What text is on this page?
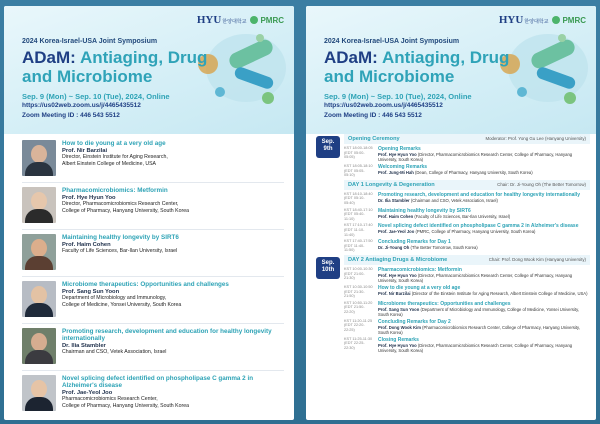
HYU한양대학교 PMRC
2024 Korea-Israel-USA Joint Symposium
ADaM: Antiaging, Drug
and Microbiome
Sep. 9 (Mon) ~ Sep. 10 (Tue), 2024, Online
https://us02web.zoom.us/j/4465435512
Zoom Meeting ID : 446 543 5512
How to die young at a very old age
Prof. Nir Barzilai
Director, Einstein Institute for Aging Research,
Albert Einstein College of Medicine, USA
Pharmacomicrobiomics: Metformin
Prof. Hye Hyun Yoo
Director, Pharmacomicrobiomics Research Center,
College of Pharmacy, Hanyang University, South Korea
Maintaining healthy longevity by SIRT6
Prof. Haim Cohen
Faculty of Life Sciences, Bar-Ilan University, Israel
Microbiome therapeutics: Opportunities and challenges
Prof. Sang Sun Yoon
Department of Microbiology and Immunology,
College of Medicine, Yonsei University, South Korea
Promoting research, development and education for healthy longevity internationally
Dr. Ilia Stambler
Chairman and CSO, Vetek Association, Israel
Novel splicing defect identified on phospholipase C gamma 2 in Alzheimer's disease
Prof. Jae-Yeol Joo
Pharmacomicrobiomics Research Center,
College of Pharmacy, Hanyang University, South Korea
HYU한양대학교 PMRC
2024 Korea-Israel-USA Joint Symposium
ADaM: Antiaging, Drug
and Microbiome
Sep. 9 (Mon) ~ Sep. 10 (Tue), 2024, Online
https://us02web.zoom.us/j/4465435512
Zoom Meeting ID : 446 543 5512
Sep.
9th
Opening Ceremony	Moderator: Prof. Yong Gu Lee (Hanyang University)
KST 18:00-18:05
(EDT 05:00-05:05)
Opening Remarks
Prof. Hye Hyun Yoo (Director, Pharmacomicrobiomics Research Center, College of Pharmacy, Hanyang University, South Korea)
KST 18:05-18:10
(EDT 05:05-05:10)
Welcoming Remarks
Prof. Jung-Mi Hah (Dean, College of Pharmacy, Hanyang University, South Korea)
DAY 1 Longevity & Degeneration	Chair: Dr. Ji-Young Oh (The Better Tomorrow)
KST 18:10-18:40
(EDT 05:10-05:40)
Promoting research, development and education for healthy longevity internationally
Dr. Ilia Stambler (Chairman and CSO, Vetek Association, Israel)
KST 18:40-17:10
(EDT 05:40-11:10)
Maintaining healthy longevity by SIRT6
Prof. Haim Cohen (Faculty of Life Sciences, Bar-Ilan University, Israel)
KST 17:10-17:40
(EDT 11:10-11:40)
Novel splicing defect identified on phospholipase C gamma 2 in Alzheimer's disease
Prof. Jae-Yeol Joo (PMRC, College of Pharmacy, Hanyang University, South Korea)
KST 17:40-17:50
(EDT 11:40-11:50)
Concluding Remarks for Day 1
Dr. Ji-Young Oh (The Better Tomorrow, South Korea)
Sep.
10th
DAY 2 Antiaging Drugs & Microbiome	Chair: Prof. Dong Wook Kim (Hanyang University)
KST 10:00-10:30
(EDT 21:00-21:30)
Pharmacomicrobiomics: Metformin
Prof. Hye Hyun Yoo (Director, Pharmacomicrobiomics Research Center, College of Pharmacy, Hanyang University, South Korea)
KST 10:30-10:50
(EDT 21:30-21:50)
How to die young at a very old age
Prof. Nir Barzilai (Director of the Einstein Institute for Aging Research, Albert Einstein College of Medicine, USA)
KST 10:50-11:20
(EDT 21:50-22:20)
Microbiome therapeutics: Opportunities and challenges
Prof. Sang Sun Yoon (Department of Microbiology and Immunology, College of Medicine, Yonsei University, South Korea)
KST 11:20-11:25
(EDT 22:20-22:25)
Concluding Remarks for Day 2
Prof. Dong Wook Kim (Pharmacomicrobiomics Research Center, College of Pharmacy, Hanyang University, South Korea)
KST 11:25-11:30
(EDT 22:25-22:30)
Closing Remarks
Prof. Hye Hyun Yoo (Director, Pharmacomicrobiomics Research Center, College of Pharmacy, Hanyang University, South Korea)
